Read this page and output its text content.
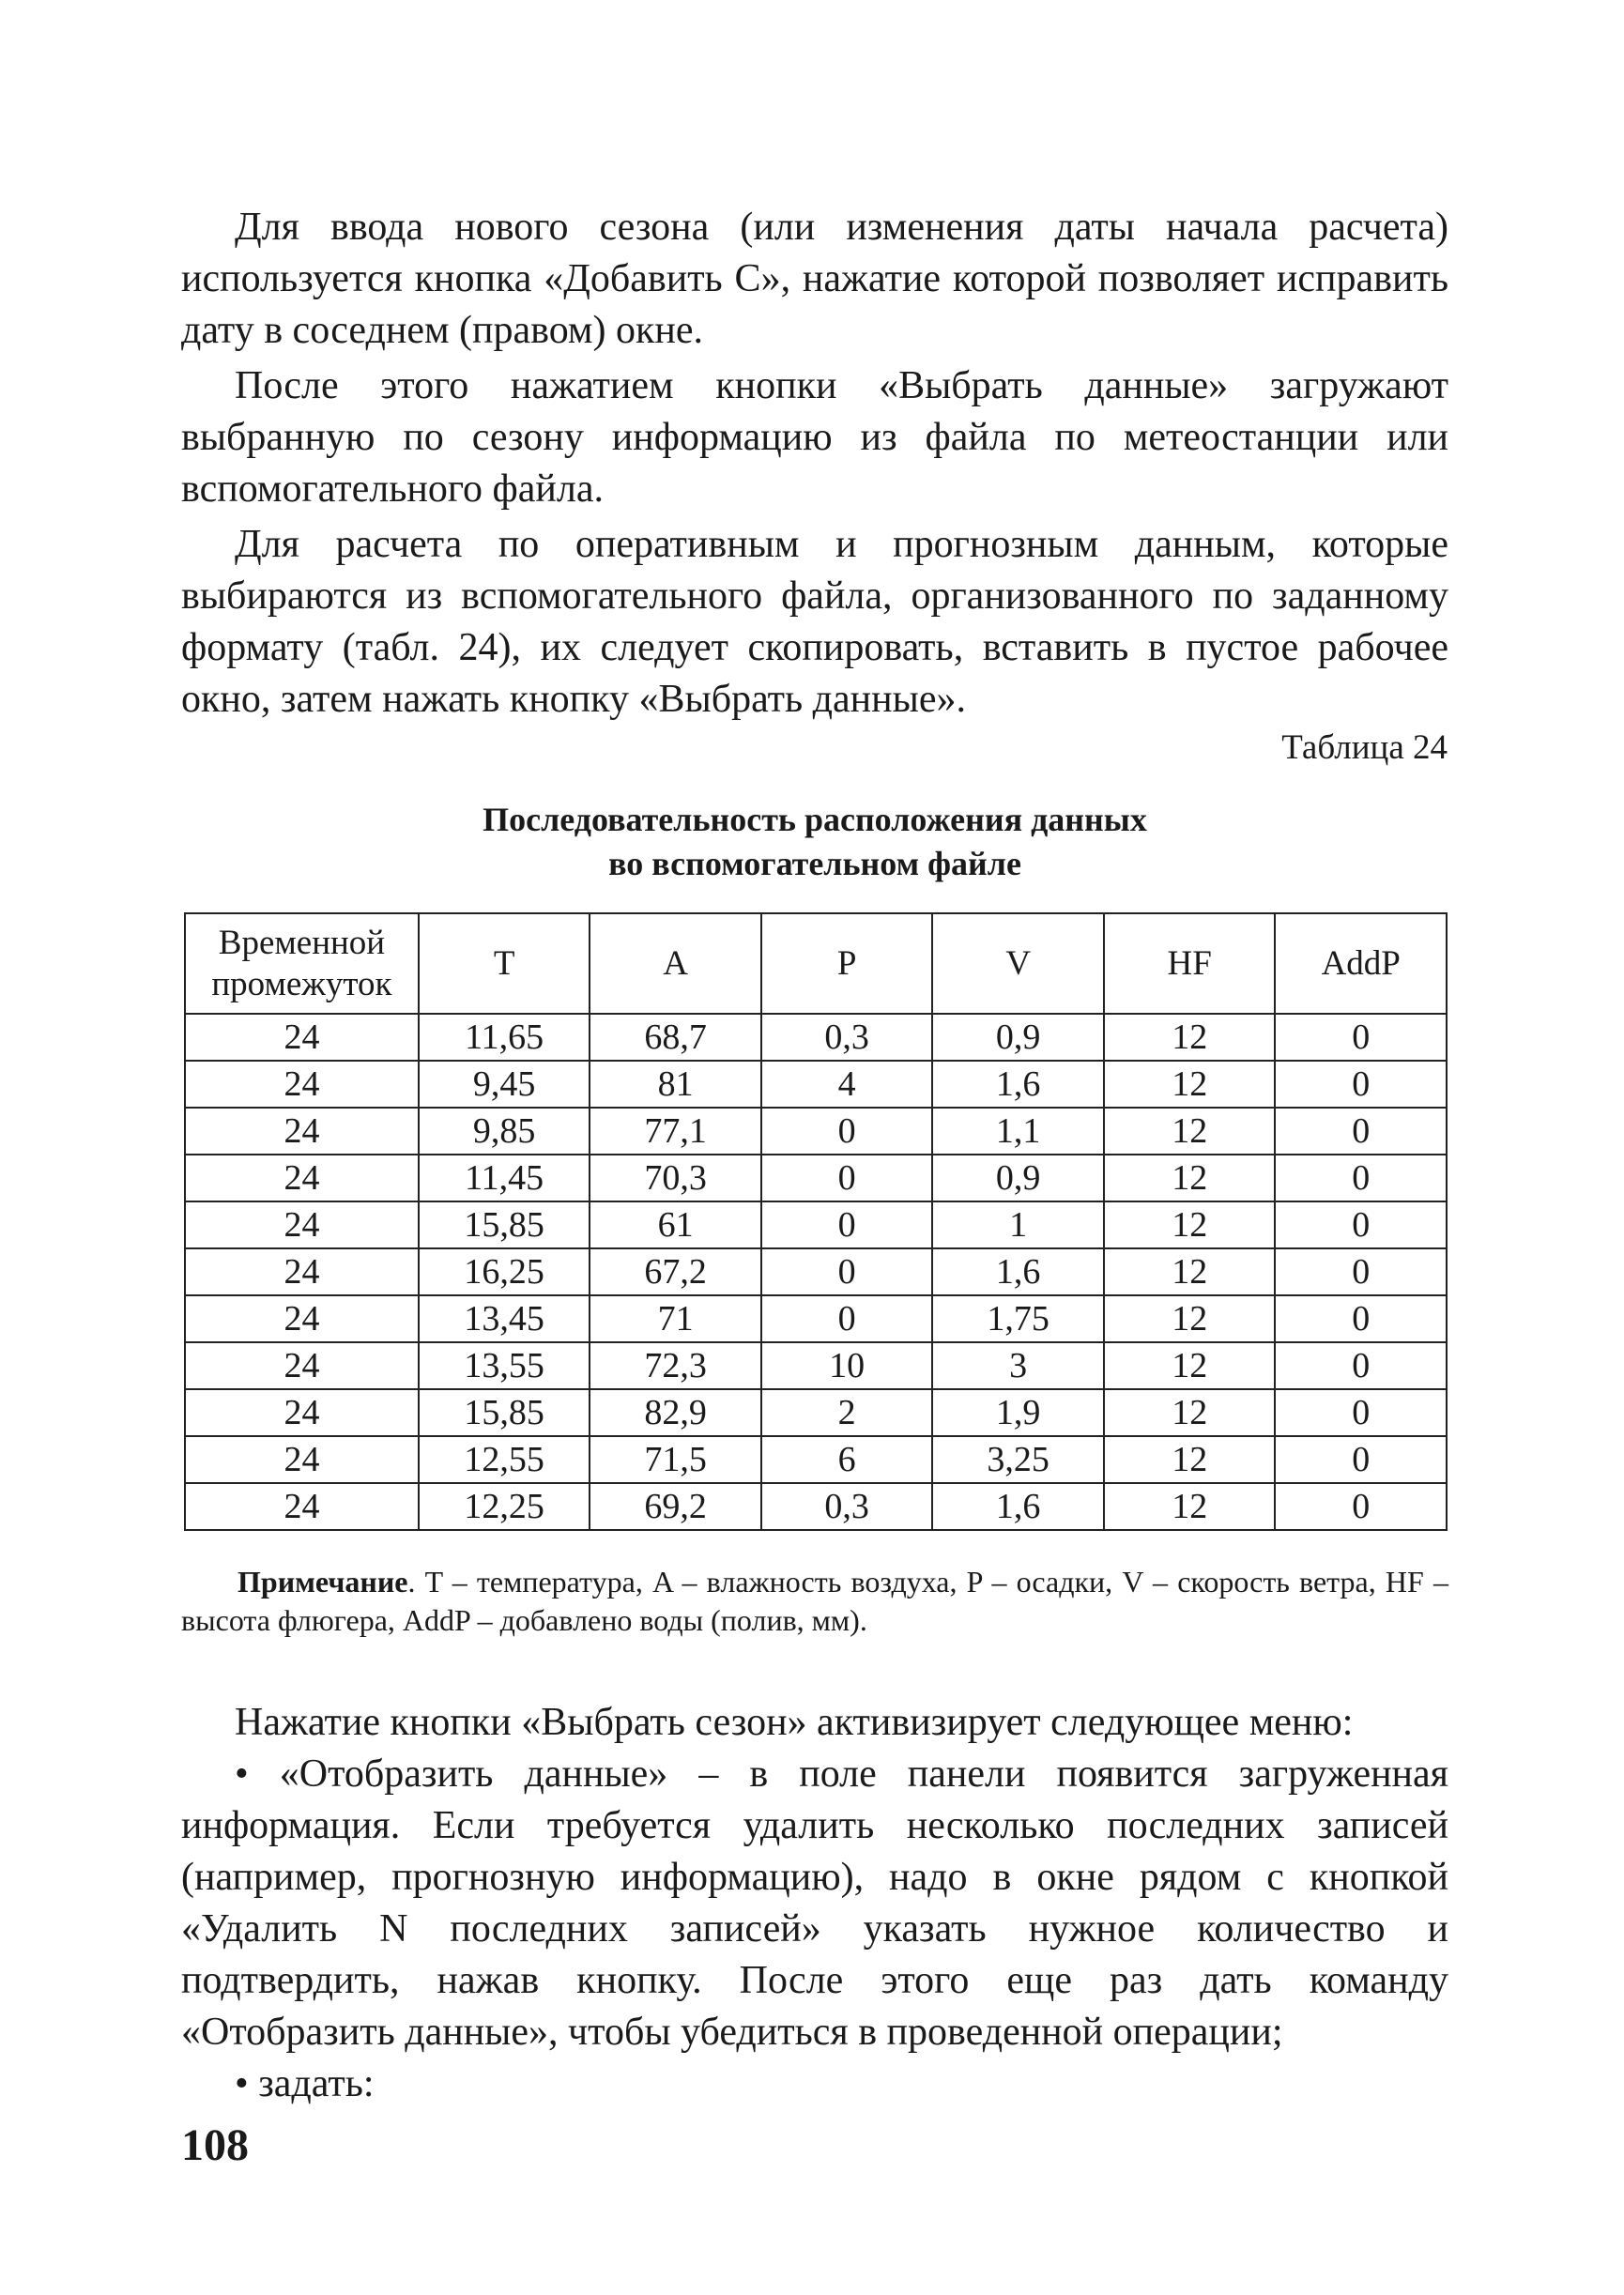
Для ввода нового сезона (или изменения даты начала расчета) используется кнопка «Добавить С», нажатие которой позволяет исправить дату в соседнем (правом) окне.

После этого нажатием кнопки «Выбрать данные» загружают выбранную по сезону информацию из файла по метеостанции или вспомогательного файла.

Для расчета по оперативным и прогнозным данным, которые выбираются из вспомогательного файла, организованного по заданному формату (табл. 24), их следует скопировать, вставить в пустое рабочее окно, затем нажать кнопку «Выбрать данные».

Таблица 24

Последовательность расположения данных
во вспомогательном файле
Временной промежуток	T	A	P	V	HF	AddP
24	11,65	68,7	0,3	0,9	12	0
24	9,45	81	4	1,6	12	0
24	9,85	77,1	0	1,1	12	0
24	11,45	70,3	0	0,9	12	0
24	15,85	61	0	1	12	0
24	16,25	67,2	0	1,6	12	0
24	13,45	71	0	1,75	12	0
24	13,55	72,3	10	3	12	0
24	15,85	82,9	2	1,9	12	0
24	12,55	71,5	6	3,25	12	0
24	12,25	69,2	0,3	1,6	12	0

Примечание. T – температура, A – влажность воздуха, P – осадки, V – скорость ветра, HF – высота флюгера, AddP – добавлено воды (полив, мм).

Нажатие кнопки «Выбрать сезон» активизирует следующее меню:

• «Отобразить данные» – в поле панели появится загруженная информация. Если требуется удалить несколько последних записей (например, прогнозную информацию), надо в окне рядом с кнопкой «Удалить N последних записей» указать нужное количество и подтвердить, нажав кнопку. После этого еще раз дать команду «Отобразить данные», чтобы убедиться в проведенной операции;

• задать:

108
